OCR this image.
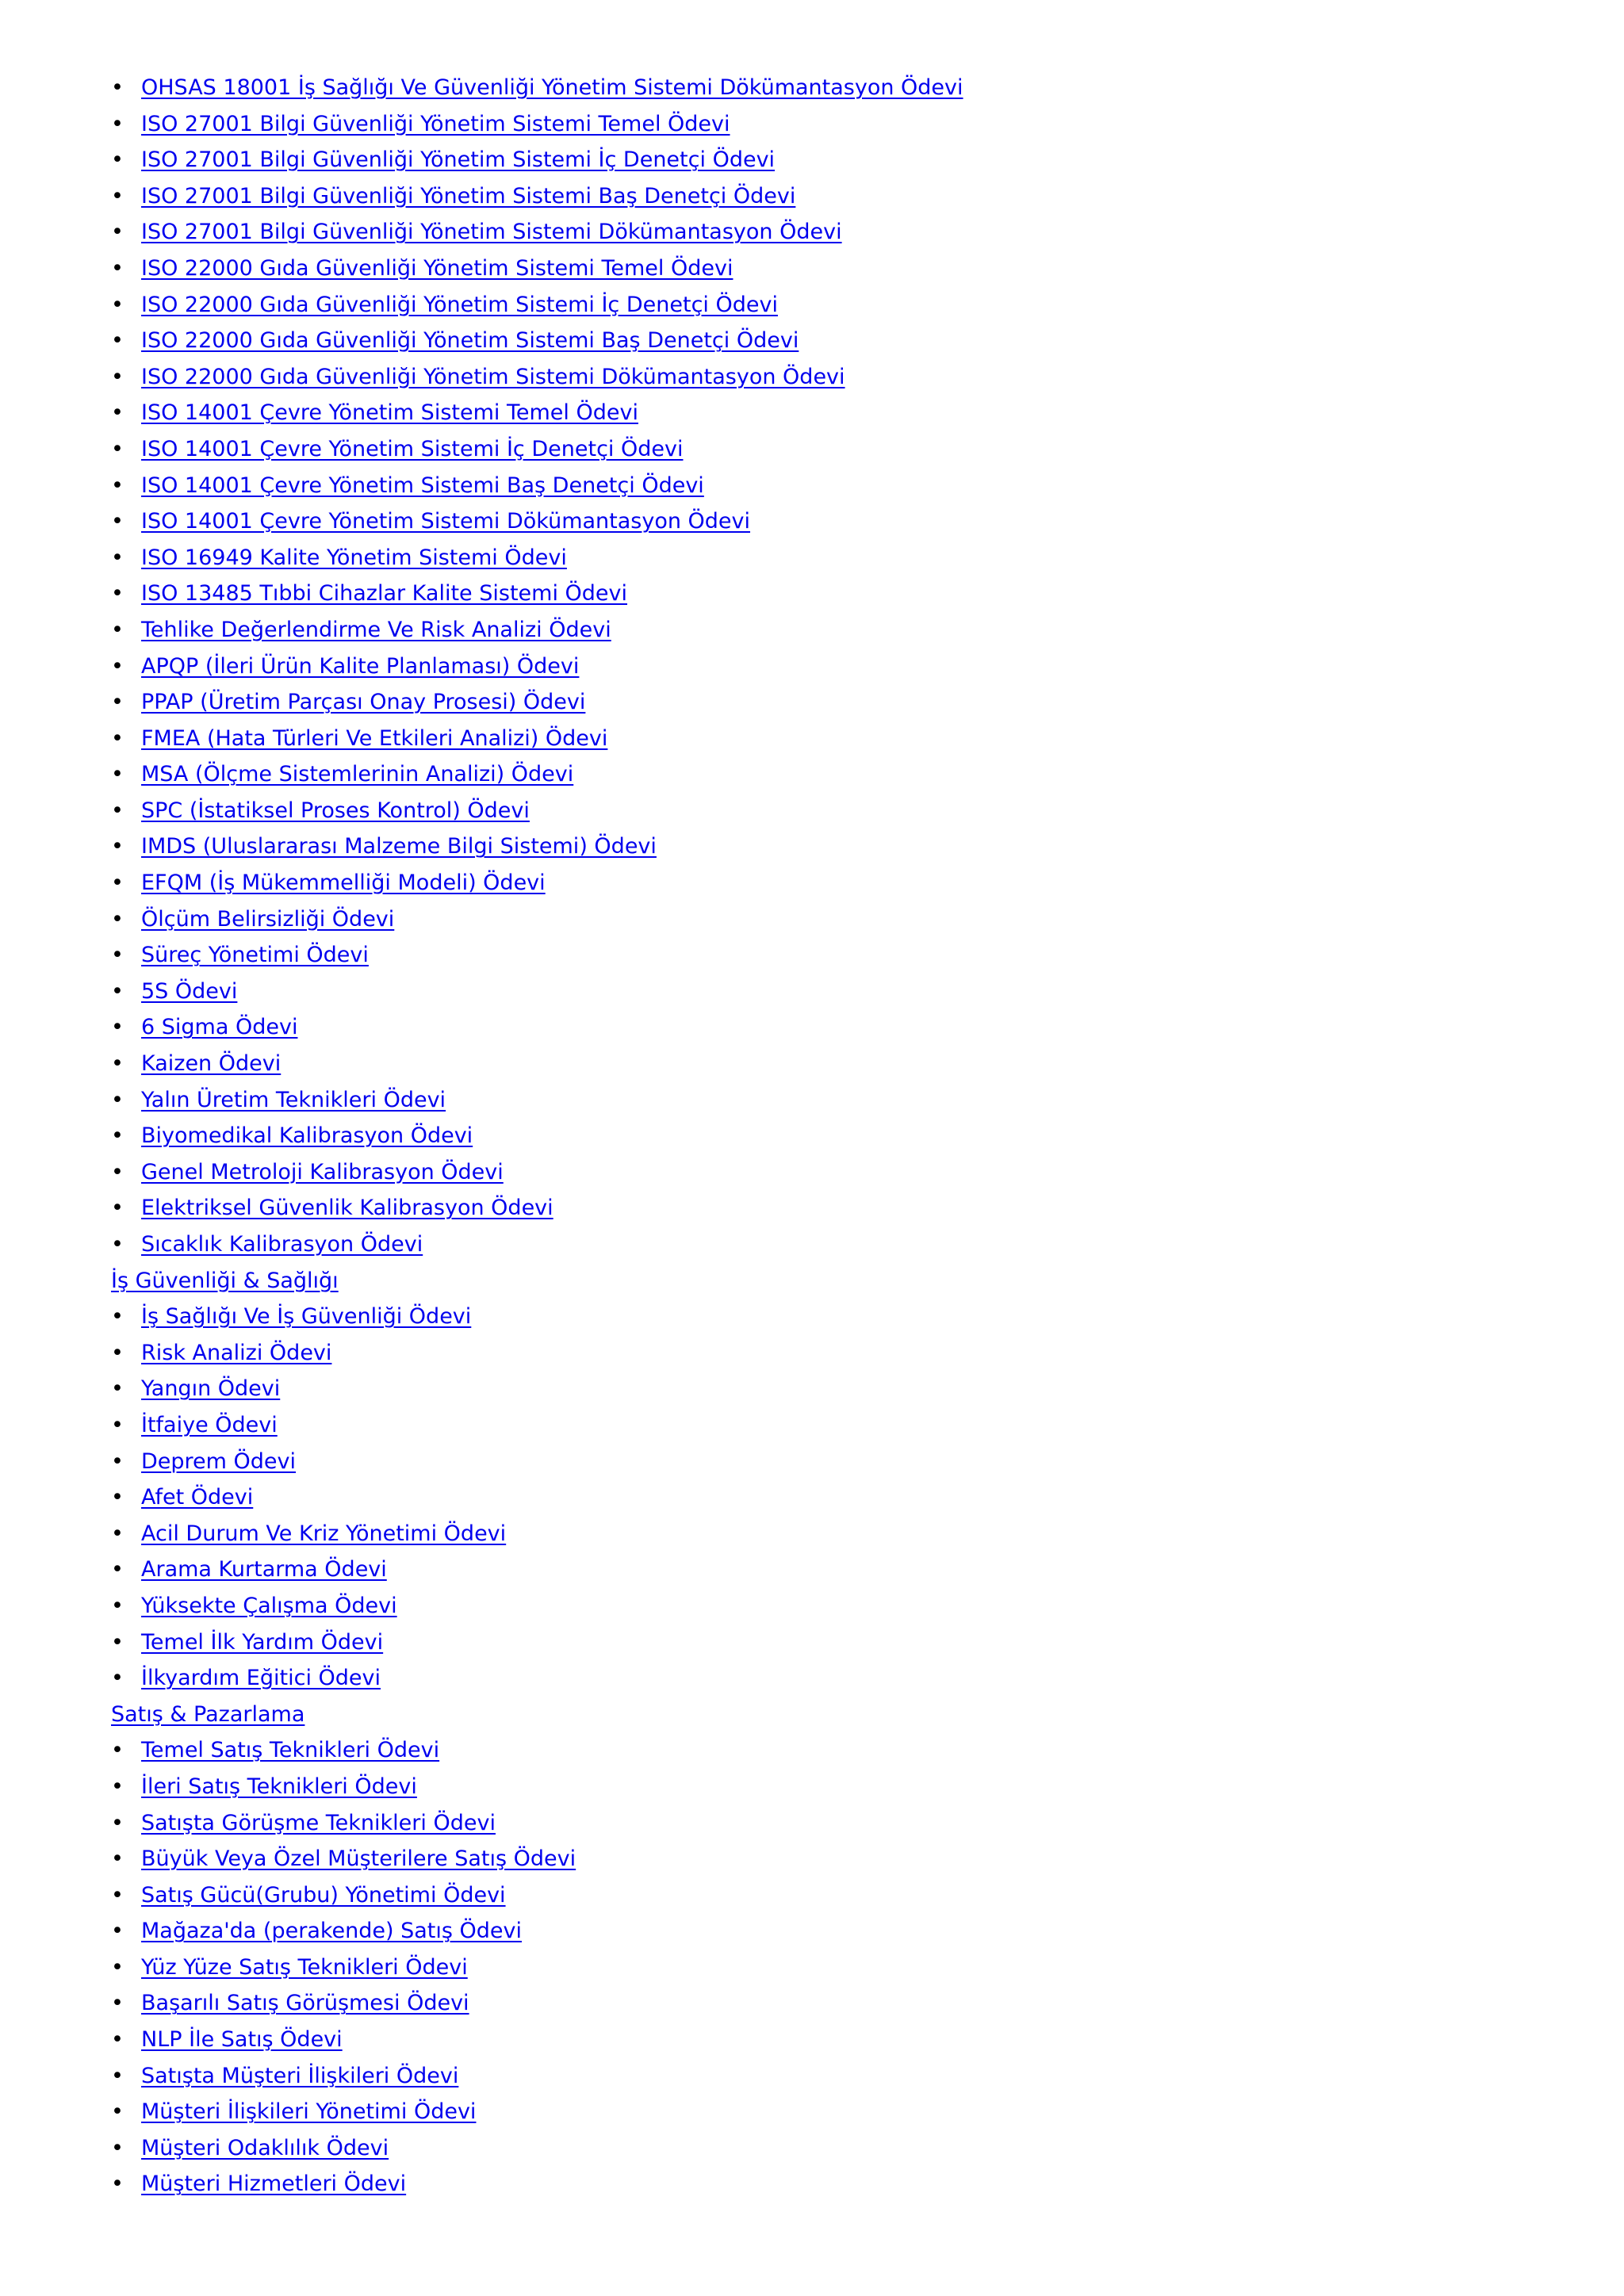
• OHSAS 18001 İş Sağlığı Ve Güvenliği Yönetim Sistemi Dökümantasyon Ödevi
• ISO 27001 Bilgi Güvenliği Yönetim Sistemi Temel Ödevi
• ISO 27001 Bilgi Güvenliği Yönetim Sistemi İç Denetçi Ödevi
• ISO 27001 Bilgi Güvenliği Yönetim Sistemi Baş Denetçi Ödevi
• ISO 27001 Bilgi Güvenliği Yönetim Sistemi Dökümantasyon Ödevi
• ISO 22000 Gıda Güvenliği Yönetim Sistemi Temel Ödevi
• ISO 22000 Gıda Güvenliği Yönetim Sistemi İç Denetçi Ödevi
• ISO 22000 Gıda Güvenliği Yönetim Sistemi Baş Denetçi Ödevi
• ISO 22000 Gıda Güvenliği Yönetim Sistemi Dökümantasyon Ödevi
• ISO 14001 Çevre Yönetim Sistemi Temel Ödevi
• ISO 14001 Çevre Yönetim Sistemi İç Denetçi Ödevi
• ISO 14001 Çevre Yönetim Sistemi Baş Denetçi Ödevi
• ISO 14001 Çevre Yönetim Sistemi Dökümantasyon Ödevi
• ISO 16949 Kalite Yönetim Sistemi Ödevi
• ISO 13485 Tıbbi Cihazlar Kalite Sistemi Ödevi
• Tehlike Değerlendirme Ve Risk Analizi Ödevi
• APQP (İleri Ürün Kalite Planlaması) Ödevi
• PPAP (Üretim Parçası Onay Prosesi) Ödevi
• FMEA (Hata Türleri Ve Etkileri Analizi) Ödevi
• MSA (Ölçme Sistemlerinin Analizi) Ödevi
• SPC (İstatiksel Proses Kontrol) Ödevi
• IMDS (Uluslararası Malzeme Bilgi Sistemi) Ödevi
• EFQM (İş Mükemmelliği Modeli) Ödevi
• Ölçüm Belirsizliği Ödevi
• Süreç Yönetimi Ödevi
• 5S Ödevi
• 6 Sigma Ödevi
• Kaizen Ödevi
• Yalın Üretim Teknikleri Ödevi
• Biyomedikal Kalibrasyon Ödevi
• Genel Metroloji Kalibrasyon Ödevi
• Elektriksel Güvenlik Kalibrasyon Ödevi
• Sıcaklık Kalibrasyon Ödevi
İş Güvenliği & Sağlığı
• İş Sağlığı Ve İş Güvenliği Ödevi
• Risk Analizi Ödevi
• Yangın Ödevi
• İtfaiye Ödevi
• Deprem Ödevi
• Afet Ödevi
• Acil Durum Ve Kriz Yönetimi Ödevi
• Arama Kurtarma Ödevi
• Yüksekte Çalışma Ödevi
• Temel İlk Yardım Ödevi
• İlkyardım Eğitici Ödevi
Satış & Pazarlama
• Temel Satış Teknikleri Ödevi
• İleri Satış Teknikleri Ödevi
• Satışta Görüşme Teknikleri Ödevi
• Büyük Veya Özel Müşterilere Satış Ödevi
• Satış Gücü(Grubu) Yönetimi Ödevi
• Mağaza'da (perakende) Satış Ödevi
• Yüz Yüze Satış Teknikleri Ödevi
• Başarılı Satış Görüşmesi Ödevi
• NLP İle Satış Ödevi
• Satışta Müşteri İlişkileri Ödevi
• Müşteri İlişkileri Yönetimi Ödevi
• Müşteri Odaklılık Ödevi
• Müşteri Hizmetleri Ödevi
